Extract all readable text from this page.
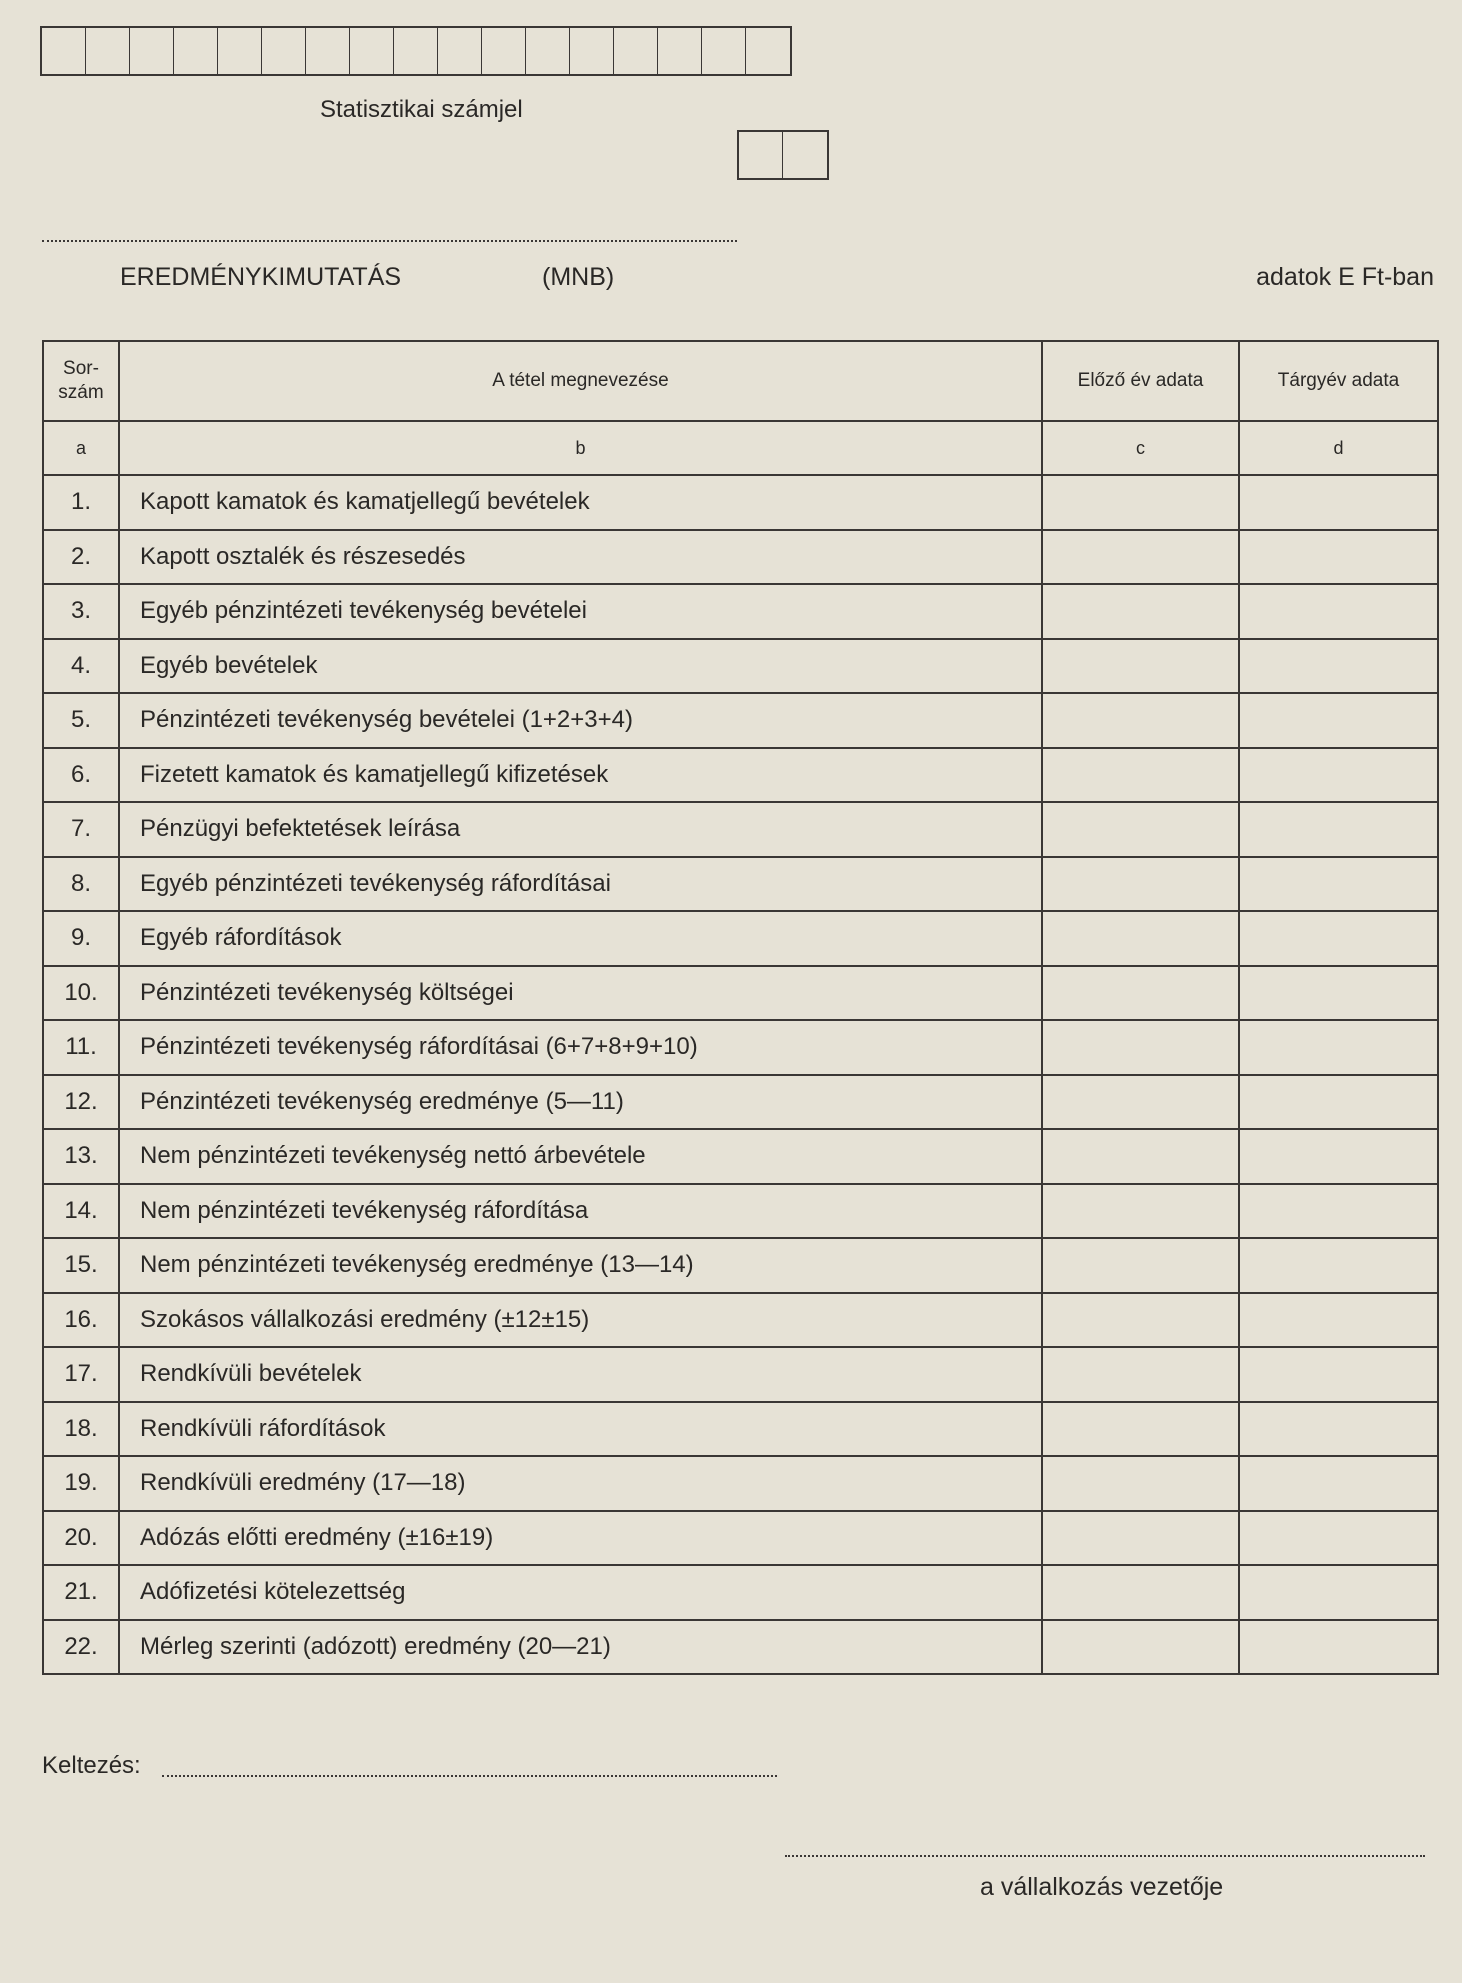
Statisztikai számjel
EREDMÉNYKIMUTATÁS	(MNB)	adatok E Ft-ban
Sor-
szám	A tétel megnevezése	Előző év adata	Tárgyév adata
a	b	c	d
1.	Kapott kamatok és kamatjellegű bevételek		
2.	Kapott osztalék és részesedés		
3.	Egyéb pénzintézeti tevékenység bevételei		
4.	Egyéb bevételek		
5.	Pénzintézeti tevékenység bevételei (1+2+3+4)		
6.	Fizetett kamatok és kamatjellegű kifizetések		
7.	Pénzügyi befektetések leírása		
8.	Egyéb pénzintézeti tevékenység ráfordításai		
9.	Egyéb ráfordítások		
10.	Pénzintézeti tevékenység költségei		
11.	Pénzintézeti tevékenység ráfordításai (6+7+8+9+10)		
12.	Pénzintézeti tevékenység eredménye (5—11)		
13.	Nem pénzintézeti tevékenység nettó árbevétele		
14.	Nem pénzintézeti tevékenység ráfordítása		
15.	Nem pénzintézeti tevékenység eredménye (13—14)		
16.	Szokásos vállalkozási eredmény (±12±15)		
17.	Rendkívüli bevételek		
18.	Rendkívüli ráfordítások		
19.	Rendkívüli eredmény (17—18)		
20.	Adózás előtti eredmény (±16±19)		
21.	Adófizetési kötelezettség		
22.	Mérleg szerinti (adózott) eredmény (20—21)		
Keltezés:
a vállalkozás vezetője
